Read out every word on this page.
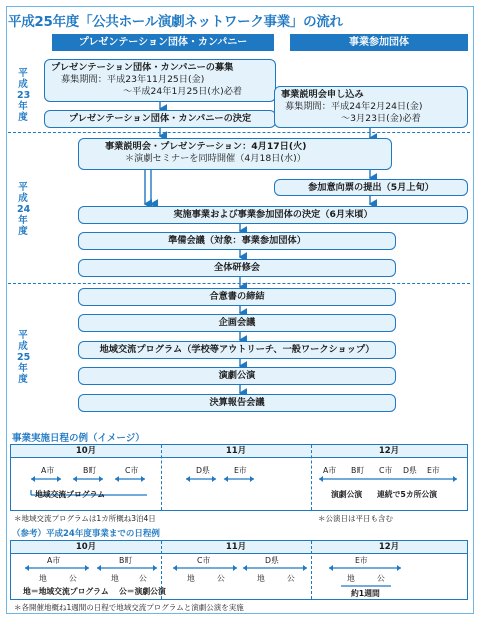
平成25年度「公共ホール演劇ネットワーク事業」の流れ
プレゼンテーション団体・カンパニー	事業参加団体
平
成
23
年
度
平
成
24
年
度
平
成
25
年
度
プレゼンテーション団体・カンパニーの募集
募集期間：平成23年11月25日(金)
〜平成24年1月25日(水)必着
プレゼンテーション団体・カンパニーの決定
事業説明会申し込み
募集期間：平成24年2月24日(金)
〜3月23日(金)必着
事業説明会・プレゼンテーション：4月17日(火)
＊演劇セミナーを同時開催（4月18日(水)）
参加意向票の提出（5月上旬）
実施事業および事業参加団体の決定（6月末頃）
準備会議（対象：事業参加団体）
全体研修会
合意書の締結
企画会議
地域交流プログラム（学校等アウトリーチ、一般ワークショップ）
演劇公演
決算報告会議
事業実施日程の例（イメージ）
10月	11月	12月
A市	B町	C市	D県	E市	A市 B町 C市 D県 E市
地域交流プログラム	演劇公演 連続で5カ所公演
＊地域交流プログラムは1カ所概ね3泊4日	＊公演日は平日も含む
（参考）平成24年度事業までの日程例
10月	11月	12月
A市	B町	C市	D県	E市
地	公	地	公	地	公	地	公	地	公
地＝地域交流プログラム 公＝演劇公演	約1週間
＊各開催地概ね1週間の日程で地域交流プログラムと演劇公演を実施
